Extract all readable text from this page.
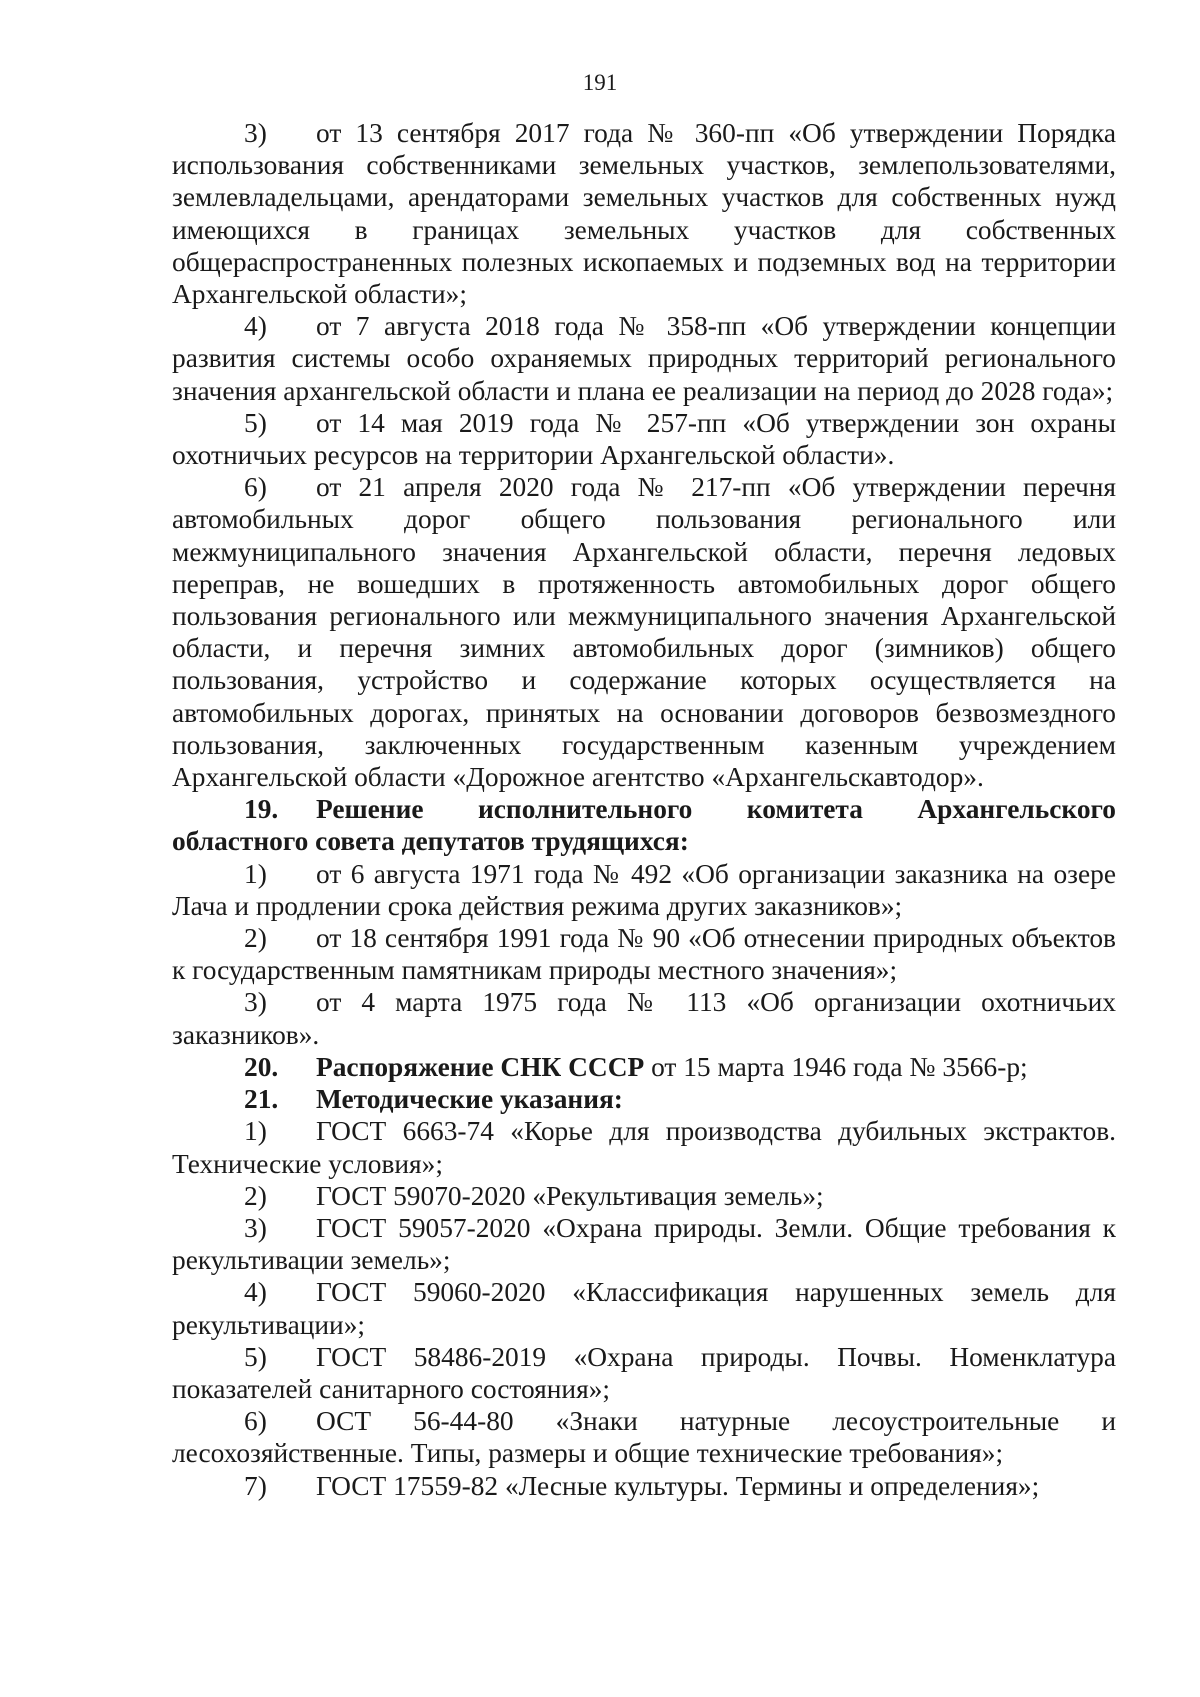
191

3) от 13 сентября 2017 года № 360-пп «Об утверждении Порядка использования собственниками земельных участков, землепользователями, землевладельцами, арендаторами земельных участков для собственных нужд имеющихся в границах земельных участков для собственных общераспространенных полезных ископаемых и подземных вод на территории Архангельской области»;

4) от 7 августа 2018 года № 358-пп «Об утверждении концепции развития системы особо охраняемых природных территорий регионального значения архангельской области и плана ее реализации на период до 2028 года»;

5) от 14 мая 2019 года № 257-пп «Об утверждении зон охраны охотничьих ресурсов на территории Архангельской области».

6) от 21 апреля 2020 года № 217-пп «Об утверждении перечня автомобильных дорог общего пользования регионального или межмуниципального значения Архангельской области, перечня ледовых переправ, не вошедших в протяженность автомобильных дорог общего пользования регионального или межмуниципального значения Архангельской области, и перечня зимних автомобильных дорог (зимников) общего пользования, устройство и содержание которых осуществляется на автомобильных дорогах, принятых на основании договоров безвозмездного пользования, заключенных государственным казенным учреждением Архангельской области «Дорожное агентство «Архангельскавтодор».

19. Решение исполнительного комитета Архангельского областного совета депутатов трудящихся:

1) от 6 августа 1971 года № 492 «Об организации заказника на озере Лача и продлении срока действия режима других заказников»;

2) от 18 сентября 1991 года № 90 «Об отнесении природных объектов к государственным памятникам природы местного значения»;

3) от 4 марта 1975 года № 113 «Об организации охотничьих заказников».

20. Распоряжение СНК СССР от 15 марта 1946 года № 3566-р;

21. Методические указания:

1) ГОСТ 6663-74 «Корье для производства дубильных экстрактов. Технические условия»;

2) ГОСТ 59070-2020 «Рекультивация земель»;

3) ГОСТ 59057-2020 «Охрана природы. Земли. Общие требования к рекультивации земель»;

4) ГОСТ 59060-2020 «Классификация нарушенных земель для рекультивации»;

5) ГОСТ 58486-2019 «Охрана природы. Почвы. Номенклатура показателей санитарного состояния»;

6) ОСТ 56-44-80 «Знаки натурные лесоустроительные и лесохозяйственные. Типы, размеры и общие технические требования»;

7) ГОСТ 17559-82 «Лесные культуры. Термины и определения»;
